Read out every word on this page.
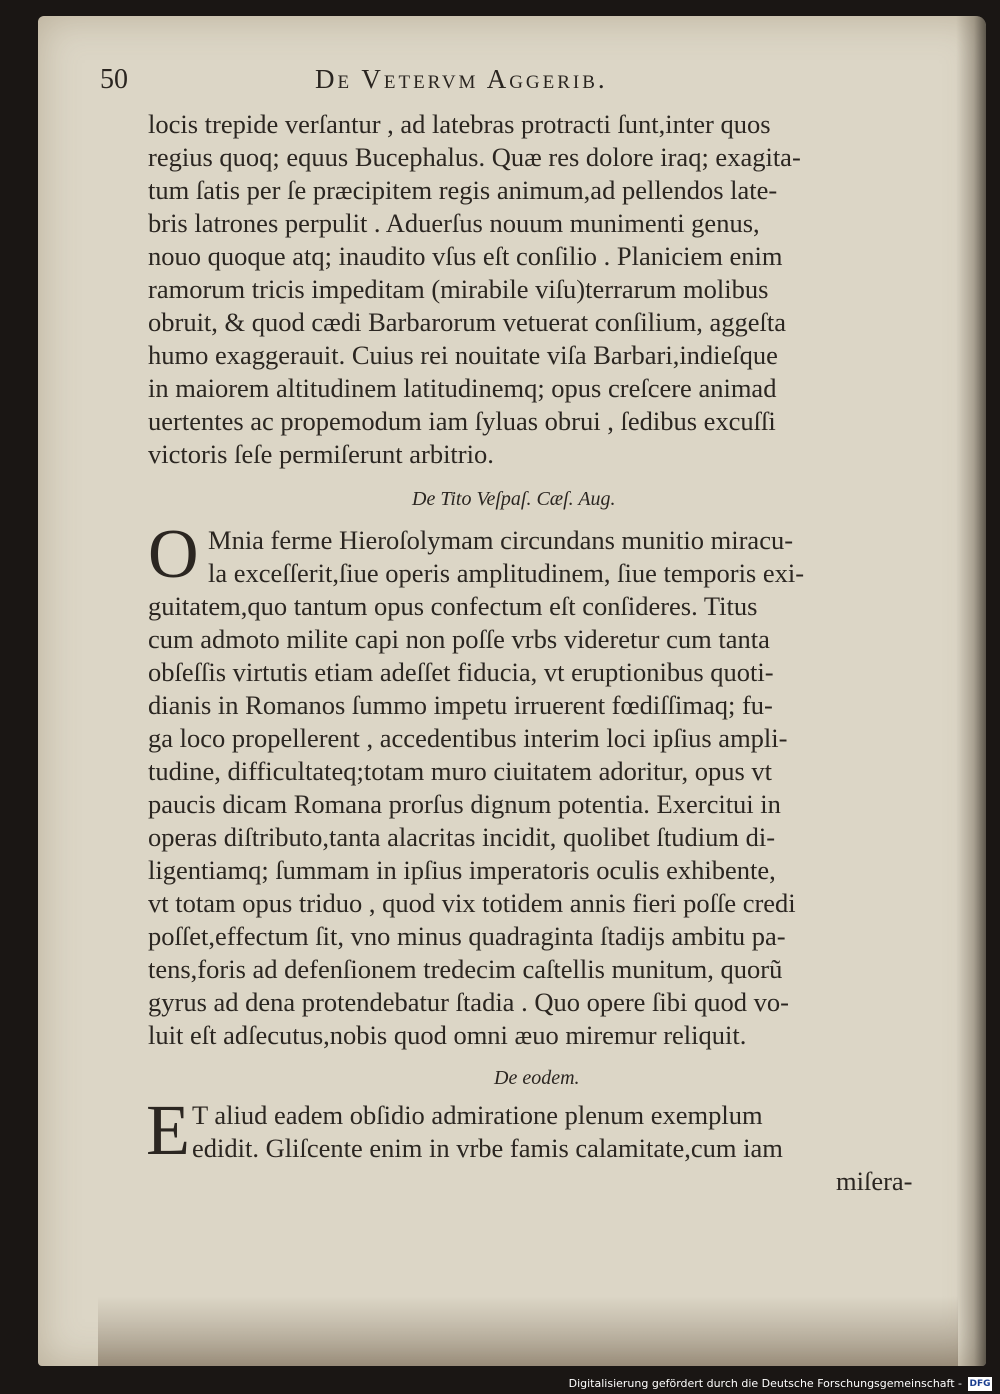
50	De Vetervm Aggerib.

locis trepide verſantur , ad latebras protracti ſunt,inter quos

regius quoq; equus Bucephalus. Quæ res dolore iraq; exagita-

tum ſatis per ſe præcipitem regis animum,ad pellendos late-

bris latrones perpulit . Aduerſus nouum munimenti genus,

nouo quoque atq; inaudito vſus eſt conſilio . Planiciem enim

ramorum tricis impeditam (mirabile viſu)terrarum molibus

obruit, & quod cædi Barbarorum vetuerat conſilium, aggeſta

humo exaggerauit. Cuius rei nouitate viſa Barbari,indieſque

in maiorem altitudinem latitudinemq; opus creſcere animad

uertentes ac propemodum iam ſyluas obrui , ſedibus excuſſi

victoris ſeſe permiſerunt arbitrio.

De Tito Veſpaſ. Cæſ. Aug.

O Mnia ferme Hieroſolymam circundans munitio miracu-

la exceſſerit,ſiue operis amplitudinem, ſiue temporis exi-

guitatem,quo tantum opus confectum eſt conſideres. Titus

cum admoto milite capi non poſſe vrbs videretur cum tanta

obſeſſis virtutis etiam adeſſet fiducia, vt eruptionibus quoti-

dianis in Romanos ſummo impetu irruerent fœdiſſimaq; fu-

ga loco propellerent , accedentibus interim loci ipſius ampli-

tudine, difficultateq;totam muro ciuitatem adoritur, opus vt

paucis dicam Romana prorſus dignum potentia. Exercitui in

operas diſtributo,tanta alacritas incidit, quolibet ſtudium di-

ligentiamq; ſummam in ipſius imperatoris oculis exhibente,

vt totam opus triduo , quod vix totidem annis fieri poſſe credi

poſſet,effectum ſit, vno minus quadraginta ſtadijs ambitu pa-

tens,foris ad defenſionem tredecim caſtellis munitum, quorũ

gyrus ad dena protendebatur ſtadia . Quo opere ſibi quod vo-

luit eſt adſecutus,nobis quod omni æuo miremur reliquit.

De eodem.

E T aliud eadem obſidio admiratione plenum exemplum

edidit. Gliſcente enim in vrbe famis calamitate,cum iam

miſera-

Digitalisierung gefördert durch die Deutsche Forschungsgemeinschaft - DFG
